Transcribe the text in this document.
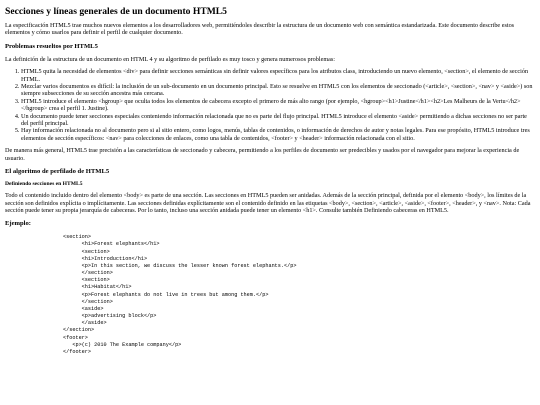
Secciones y líneas generales de un documento HTML5

La especificación HTML5 trae muchos nuevos elementos a los desarrolladores web, permitiéndoles describir la estructura de un documento web con semántica estandarizada. Este documento describe estos elementos y cómo usarlos para definir el perfil de cualquier documento.

Problemas resueltos por HTML5

La definición de la estructura de un documento en HTML 4 y su algoritmo de perfilado es muy tosco y genera numerosos problemas:

1. HTML5 quita la necesidad de elementos <div> para definir secciones semánticas sin definir valores específicos para los atributos class, introduciendo un nuevo elemento, <section>, el elemento de sección HTML.
2. Mezclar varios documentos es difícil: la inclusión de un sub-documento en un documento principal. Esto se resuelve en HTML5 con los elementos de seccionado (<article>, <section>, <nav> y <aside>) son siempre subsecciones de su sección ancestra más cercana.
3. HTML5 introduce el elemento <hgroup> que oculta todos los elementos de cabecera excepto el primero de más alto rango (por ejemplo, <hgroup><h1>Justine</h1><h2>Les Malheurs de la Vertu</h2></hgroup> crea el perfil 1. Justine).
4. Un documento puede tener secciones especiales conteniendo información relacionada que no es parte del flujo principal. HTML5 introduce el elemento <aside> permitiendo a dichas secciones no ser parte del perfil principal.
5. Hay información relacionada no al documento pero si al sitio entero, como logos, menús, tablas de contenidos, o información de derechos de autor y notas legales. Para ese propósito, HTML5 introduce tres elementos de sección específicos: <nav> para colecciones de enlaces, como una tabla de contenidos, <footer> y <header> información relacionada con el sitio.

De manera más general, HTML5 trae precisión a las características de seccionado y cabecera, permitiendo a los perfiles de documento ser predecibles y usados por el navegador para mejorar la experiencia de usuario.

El algoritmo de perfilado de HTML5
Definiendo secciones en HTML5

Todo el contenido incluido dentro del elemento <body> es parte de una sección. Las secciones en HTML5 pueden ser anidadas. Además de la sección principal, definida por el elemento <body>, los límites de la sección son definidos explícita o implícitamente. Las secciones definidas explícitamente son el contenido definido en las etiquetas <body>, <section>, <article>, <aside>, <footer>, <header>, y <nav>. Nota: Cada sección puede tener su propia jerarquía de cabeceras. Por lo tanto, incluso una sección anidada puede tener un elemento <h1>. Consulte también Definiendo cabeceras en HTML5.

Ejemplo:
<section>
<h1>Forest elephants</h1>
<section>
<h1>Introduction</h1>
<p>In this section, we discuss the lesser known forest elephants.</p>
</section>
<section>
<h1>Habitat</h1>
<p>Forest elephants do not live in trees but among them.</p>
</section>
<aside>
<p>advertising block</p>
</aside>
</section>
<footer>
<p>(c) 2010 The Example company</p>
</footer>
